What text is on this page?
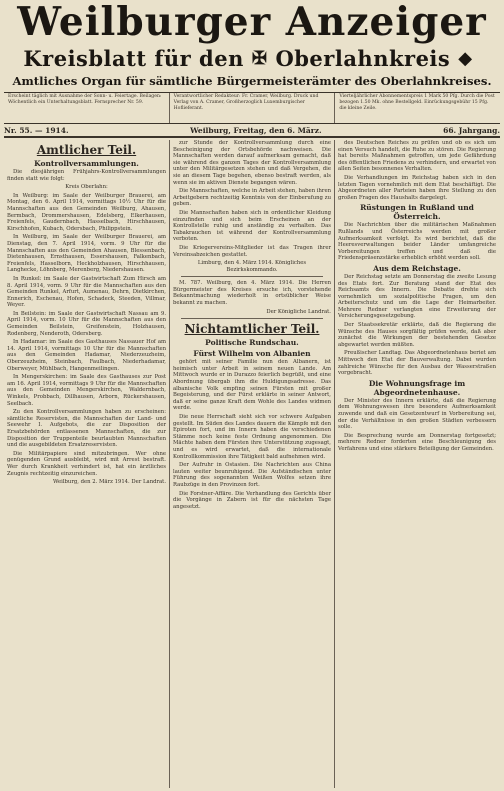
Weilburger Anzeiger
Kreisblatt für den ✠ Oberlahnkreis ◆
Amtliches Organ für sämtliche Bürgermeisterämter des Oberlahnkreises.
Erscheint täglich mit Ausnahme der Sonn- u. Feiertage. Beilagen: Wöchentlich ein Unterhaltungsblatt. Fernsprecher Nr. 59.
Verantwortlicher Redakteur: Fr. Cramer, Weilburg. Druck und Verlag von A. Cramer, Großherzoglich Luxemburgischer Hoflieferant.
Vierteljährlicher Abonnementspreis 1 Mark 50 Pfg. Durch die Post bezogen 1.50 Mk. ohne Bestellgeld. Einrückungsgebühr 15 Pfg. die kleine Zeile.
Nr. 55. — 1914.	Weilburg, Freitag, den 6. März.	66. Jahrgang.
Amtlicher Teil.
Kontrollversammlungen.

Die diesjährigen Frühjahrs-Kontrollversammlungen finden statt wie folgt:

Kreis Oberlahn:

In Weilburg: im Saale der Weilburger Brauerei, am Montag, den 6. April 1914, vormittags 10½ Uhr für die Mannschaften aus den Gemeinden Weilburg, Ahausen, Bermbach, Drommershausen, Edelsberg, Elkerhausen, Freienfels, Gaudernbach, Hasselbach, Hirschhausen, Kirschhofen, Kubach, Odersbach, Philippstein.

In Weilburg, im Saale der Weilburger Brauerei, am Dienstag, den 7. April 1914, vorm. 9 Uhr für die Mannschaften aus den Gemeinden Ahausen, Blessenbach, Dietenhausen, Ernsthausen, Essershausen, Falkenbach, Freienfels, Hasselborn, Heckholzhausen, Hirschhausen, Langhecke, Löhnberg, Merenberg, Niedershausen.

In Runkel: im Saale der Gastwirtschaft Zum Hirsch am 8. April 1914, vorm. 9 Uhr für die Mannschaften aus den Gemeinden Runkel, Arfurt, Aumenau, Dehrn, Dietkirchen, Ennerich, Eschenau, Hofen, Schadeck, Steeden, Villmar, Weyer.

In Beilstein: im Saale der Gastwirtschaft Nassau am 9. April 1914, vorm. 10 Uhr für die Mannschaften aus den Gemeinden Beilstein, Greifenstein, Holzhausen, Rodenberg, Nenderoth, Odersberg.

In Hadamar: im Saale des Gasthauses Nassauer Hof am 14. April 1914, vormittags 10 Uhr für die Mannschaften aus den Gemeinden Hadamar, Niederzeuzheim, Oberzeuzheim, Steinbach, Faulbach, Niederhadamar, Oberweyer, Mühlbach, Hangenmeilingen.

In Mengerskirchen: im Saale des Gasthauses zur Post am 16. April 1914, vormittags 9 Uhr für die Mannschaften aus den Gemeinden Mengerskirchen, Waldernbach, Winkels, Probbach, Dillhausen, Arborn, Rückershausen, Seelbach.

Zu den Kontrollversammlungen haben zu erscheinen: sämtliche Reservisten, die Mannschaften der Land- und Seewehr I. Aufgebots, die zur Disposition der Ersatzbehörden entlassenen Mannschaften, die zur Disposition der Truppenteile beurlaubten Mannschaften und die ausgebildeten Ersatzreservisten.

Die Militärpapiere sind mitzubringen. Wer ohne genügenden Grund ausbleibt, wird mit Arrest bestraft. Wer durch Krankheit verhindert ist, hat ein ärztliches Zeugnis rechtzeitig einzureichen.

Weilburg, den 2. März 1914. Der Landrat.

zur Stunde der Kontrollversammlung durch eine Bescheinigung der Ortsbehörde nachweisen. Die Mannschaften werden darauf aufmerksam gemacht, daß sie während des ganzen Tages der Kontrollversammlung unter den Militärgesetzen stehen und daß Vergehen, die sie an diesem Tage begehen, ebenso bestraft werden, als wenn sie im aktiven Dienste begangen wären.

Die Mannschaften, welche in Arbeit stehen, haben ihren Arbeitgebern rechtzeitig Kenntnis von der Einberufung zu geben.

Die Mannschaften haben sich in ordentlicher Kleidung einzufinden und sich beim Erscheinen an der Kontrollstelle ruhig und anständig zu verhalten. Das Tabakrauchen ist während der Kontrollversammlung verboten.

Die Kriegervereins-Mitglieder ist das Tragen ihrer Vereinsabzeichen gestattet.

Limburg, den 4. März 1914. Königliches Bezirkskommando.

M. 787. Weilburg, den 4. März 1914. Die Herren Bürgermeister des Kreises ersuche ich, vorstehende Bekanntmachung wiederholt in ortsüblicher Weise bekannt zu machen.

Der Königliche Landrat.

Nichtamtlicher Teil.
Politische Rundschau.
Fürst Wilhelm von Albanien

gehört mit seiner Familie nun den Albanern, ist heimisch unter Arbeit in seinem neuen Lande. Am Mittwoch wurde er in Durazzo feierlich begrüßt, und eine Abordnung übergab ihm die Huldigungsadresse. Das albanische Volk empfing seinen Fürsten mit großer Begeisterung, und der Fürst erklärte in seiner Antwort, daß er seine ganze Kraft dem Wohle des Landes widmen werde.

Die neue Herrschaft sieht sich vor schwere Aufgaben gestellt. Im Süden des Landes dauern die Kämpfe mit den Epiroten fort, und im Innern haben die verschiedenen Stämme noch keine feste Ordnung angenommen. Die Mächte haben dem Fürsten ihre Unterstützung zugesagt, und es wird erwartet, daß die internationale Kontrollkommission ihre Tätigkeit bald aufnehmen wird.

Der Aufruhr in Ostasien. Die Nachrichten aus China lauten weiter beunruhigend. Die Aufständischen unter Führung des sogenannten Weißen Wolfes setzen ihre Raubzüge in den Provinzen fort.

Die Forstner-Affäre. Die Verhandlung des Gerichts über die Vorgänge in Zabern ist für die nächsten Tage angesetzt.

des Deutschen Reiches zu prüfen und ob es sich um einen Versuch handelt, die Ruhe zu stören. Die Regierung hat bereits Maßnahmen getroffen, um jede Gefährdung des öffentlichen Friedens zu verhindern, und erwartet von allen Seiten besonnenes Verhalten.

Die Verhandlungen im Reichstag haben sich in den letzten Tagen vornehmlich mit dem Etat beschäftigt. Die Abgeordneten aller Parteien haben ihre Stellung zu den großen Fragen des Haushalts dargelegt.

Rüstungen in Rußland und Österreich.

Die Nachrichten über die militärischen Maßnahmen Rußlands und Österreichs werden mit großer Aufmerksamkeit verfolgt. Es wird berichtet, daß die Heeresverwaltungen beider Länder umfangreiche Vorbereitungen treffen und daß die Friedenspräsenzstärke erheblich erhöht werden soll.

Aus dem Reichstage.

Der Reichstag setzte am Donnerstag die zweite Lesung des Etats fort. Zur Beratung stand der Etat des Reichsamts des Innern. Die Debatte drehte sich vornehmlich um sozialpolitische Fragen, um den Arbeiterschutz und um die Lage der Heimarbeiter. Mehrere Redner verlangten eine Erweiterung der Versicherungsgesetzgebung.

Der Staatssekretär erklärte, daß die Regierung die Wünsche des Hauses sorgfältig prüfen werde, daß aber zunächst die Wirkungen der bestehenden Gesetze abgewartet werden müßten.

Preußischer Landtag. Das Abgeordnetenhaus beriet am Mittwoch den Etat der Bauverwaltung. Dabei wurden zahlreiche Wünsche für den Ausbau der Wasserstraßen vorgebracht.

Die Wohnungsfrage im Abgeordnetenhause.

Der Minister des Innern erklärte, daß die Regierung dem Wohnungswesen ihre besondere Aufmerksamkeit zuwende und daß ein Gesetzentwurf in Vorbereitung sei, der die Verhältnisse in den großen Städten verbessern solle.

Die Besprechung wurde am Donnerstag fortgesetzt; mehrere Redner forderten eine Beschleunigung des Verfahrens und eine stärkere Beteiligung der Gemeinden.
